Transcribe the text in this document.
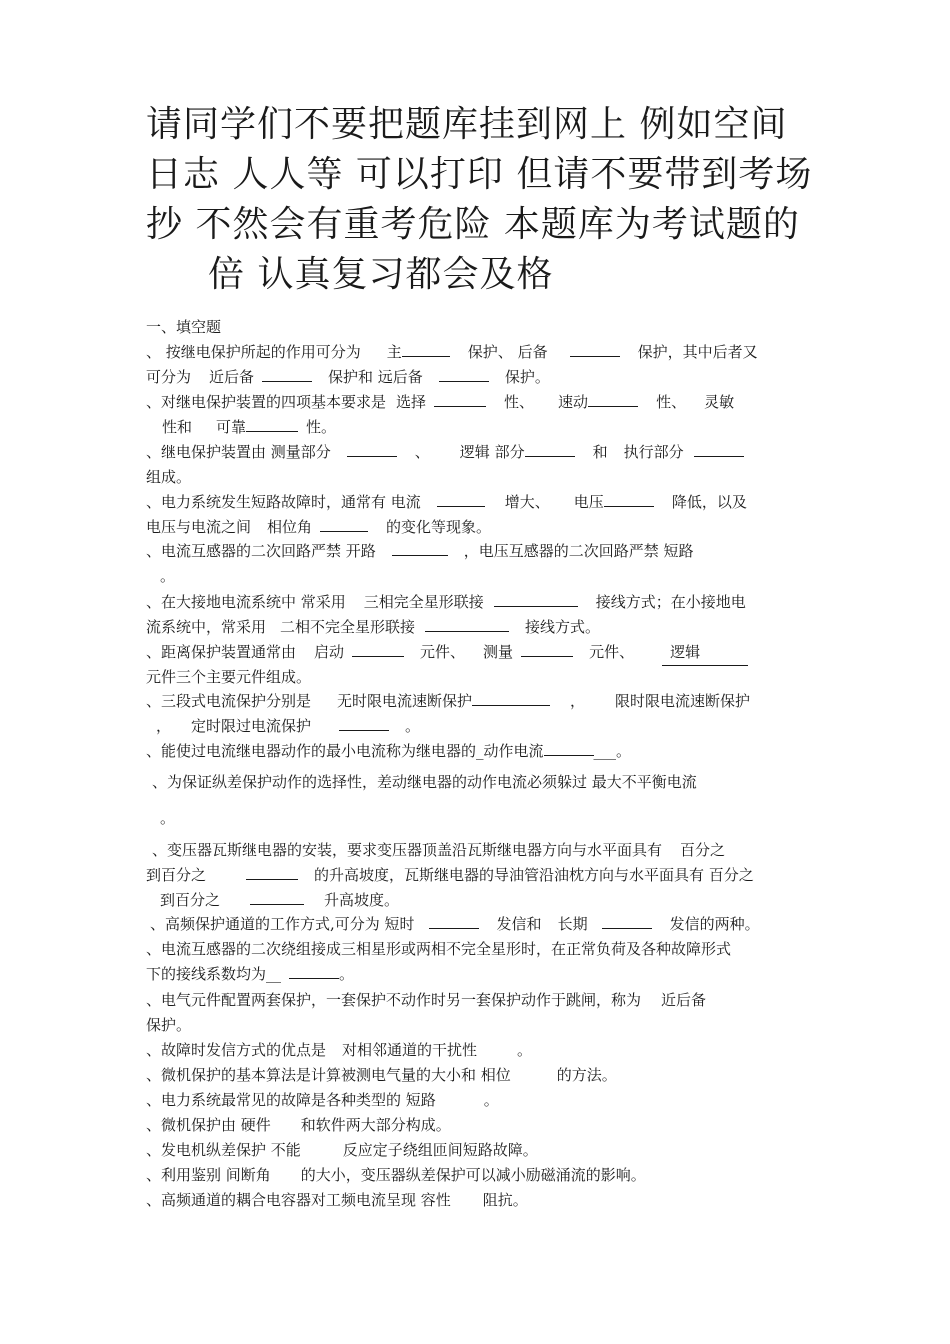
请同学们不要把题库挂到网上 例如空间
日志 人人等 可以打印 但请不要带到考场
抄 不然会有重考危险 本题库为考试题的
倍 认真复习都会及格
一、填空题
、 按继电保护所起的作用可分为 主	保护、 后备	保护，其中后者又
可分为 近后备	保护和 远后备	保护。
、对继电保护装置的四项基本要求是 选择	性、 速动	性、 灵敏
性和 可靠	性。
、继电保护装置由 测量部分	、 逻辑 部分	和 执行部分
组成。
、电力系统发生短路故障时，通常有 电流	增大、 电压	降低，以及
电压与电流之间 相位角	的变化等现象。
、电流互感器的二次回路严禁 开路	，电压互感器的二次回路严禁 短路
。
、在大接地电流系统中 常采用 三相完全星形联接	接线方式；在小接地电
流系统中，常采用 二相不完全星形联接	接线方式。
、距离保护装置通常由 启动	元件、 测量	元件、 逻辑
元件三个主要元件组成。
、三段式电流保护分别是 无时限电流速断保护	， 限时限电流速断保护
， 定时限过电流保护	。
、能使过电流继电器动作的最小电流称为继电器的_动作电流	___。
、为保证纵差保护动作的选择性，差动继电器的动作电流必须躲过 最大不平衡电流
。
、变压器瓦斯继电器的安装，要求变压器顶盖沿瓦斯继电器方向与水平面具有 百分之
到百分之	的升高坡度，瓦斯继电器的导油管沿油枕方向与水平面具有 百分之
到百分之	升高坡度。
、高频保护通道的工作方式,可分为 短时	发信和 长期	发信的两种。
、电流互感器的二次绕组接成三相星形或两相不完全星形时，在正常负荷及各种故障形式
下的接线系数均为__	。
、电气元件配置两套保护，一套保护不动作时另一套保护动作于跳闸，称为 近后备
保护。
、故障时发信方式的优点是 对相邻通道的干扰性	。
、微机保护的基本算法是计算被测电气量的大小和 相位	的方法。
、电力系统最常见的故障是各种类型的 短路	。
、微机保护由 硬件 和软件两大部分构成。
、发电机纵差保护 不能	反应定子绕组匝间短路故障。
、利用鉴别 间断角 的大小，变压器纵差保护可以减小励磁涌流的影响。
、高频通道的耦合电容器对工频电流呈现 容性 阻抗。
